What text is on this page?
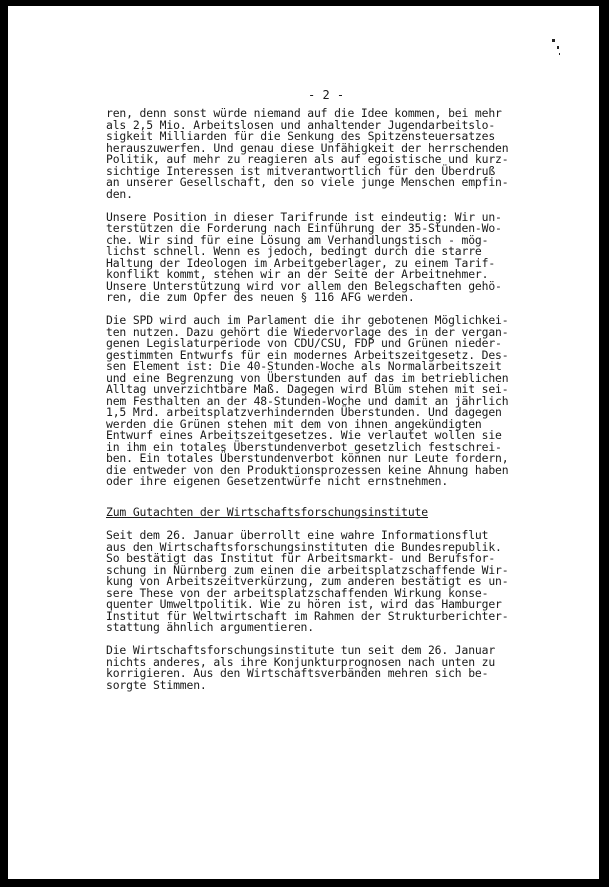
- 2 -
ren, denn sonst würde niemand auf die Idee kommen, bei mehr
als 2,5 Mio. Arbeitslosen und anhaltender Jugendarbeitslo-
sigkeit Milliarden für die Senkung des Spitzensteuersatzes
herauszuwerfen. Und genau diese Unfähigkeit der herrschenden
Politik, auf mehr zu reagieren als auf egoistische und kurz-
sichtige Interessen ist mitverantwortlich für den Überdruß
an unserer Gesellschaft, den so viele junge Menschen empfin-
den.
Unsere Position in dieser Tarifrunde ist eindeutig: Wir un-
terstützen die Forderung nach Einführung der 35-Stunden-Wo-
che. Wir sind für eine Lösung am Verhandlungstisch - mög-
lichst schnell. Wenn es jedoch, bedingt durch die starre
Haltung der Ideologen im Arbeitgeberlager, zu einem Tarif-
konflikt kommt, stehen wir an der Seite der Arbeitnehmer.
Unsere Unterstützung wird vor allem den Belegschaften gehö-
ren, die zum Opfer des neuen § 116 AFG werden.
Die SPD wird auch im Parlament die ihr gebotenen Möglichkei-
ten nutzen. Dazu gehört die Wiedervorlage des in der vergan-
genen Legislaturperiode von CDU/CSU, FDP und Grünen nieder-
gestimmten Entwurfs für ein modernes Arbeitszeitgesetz. Des-
sen Element ist: Die 40-Stunden-Woche als Normalarbeitszeit
und eine Begrenzung von Überstunden auf das im betrieblichen
Alltag unverzichtbare Maß. Dagegen wird Blüm stehen mit sei-
nem Festhalten an der 48-Stunden-Woche und damit an jährlich
1,5 Mrd. arbeitsplatzverhindernden Überstunden. Und dagegen
werden die Grünen stehen mit dem von ihnen angekündigten
Entwurf eines Arbeitszeitgesetzes. Wie verlautet wollen sie
in ihm ein totales Überstundenverbot gesetzlich festschrei-
ben. Ein totales Überstundenverbot können nur Leute fordern,
die entweder von den Produktionsprozessen keine Ahnung haben
oder ihre eigenen Gesetzentwürfe nicht ernstnehmen.
Zum Gutachten der Wirtschaftsforschungsinstitute
Seit dem 26. Januar überrollt eine wahre Informationsflut
aus den Wirtschaftsforschungsinstituten die Bundesrepublik.
So bestätigt das Institut für Arbeitsmarkt- und Berufsfor-
schung in Nürnberg zum einen die arbeitsplatzschaffende Wir-
kung von Arbeitszeitverkürzung, zum anderen bestätigt es un-
sere These von der arbeitsplatzschaffenden Wirkung konse-
quenter Umweltpolitik. Wie zu hören ist, wird das Hamburger
Institut für Weltwirtschaft im Rahmen der Strukturberichter-
stattung ähnlich argumentieren.
Die Wirtschaftsforschungsinstitute tun seit dem 26. Januar
nichts anderes, als ihre Konjunkturprognosen nach unten zu
korrigieren. Aus den Wirtschaftsverbänden mehren sich be-
sorgte Stimmen.
